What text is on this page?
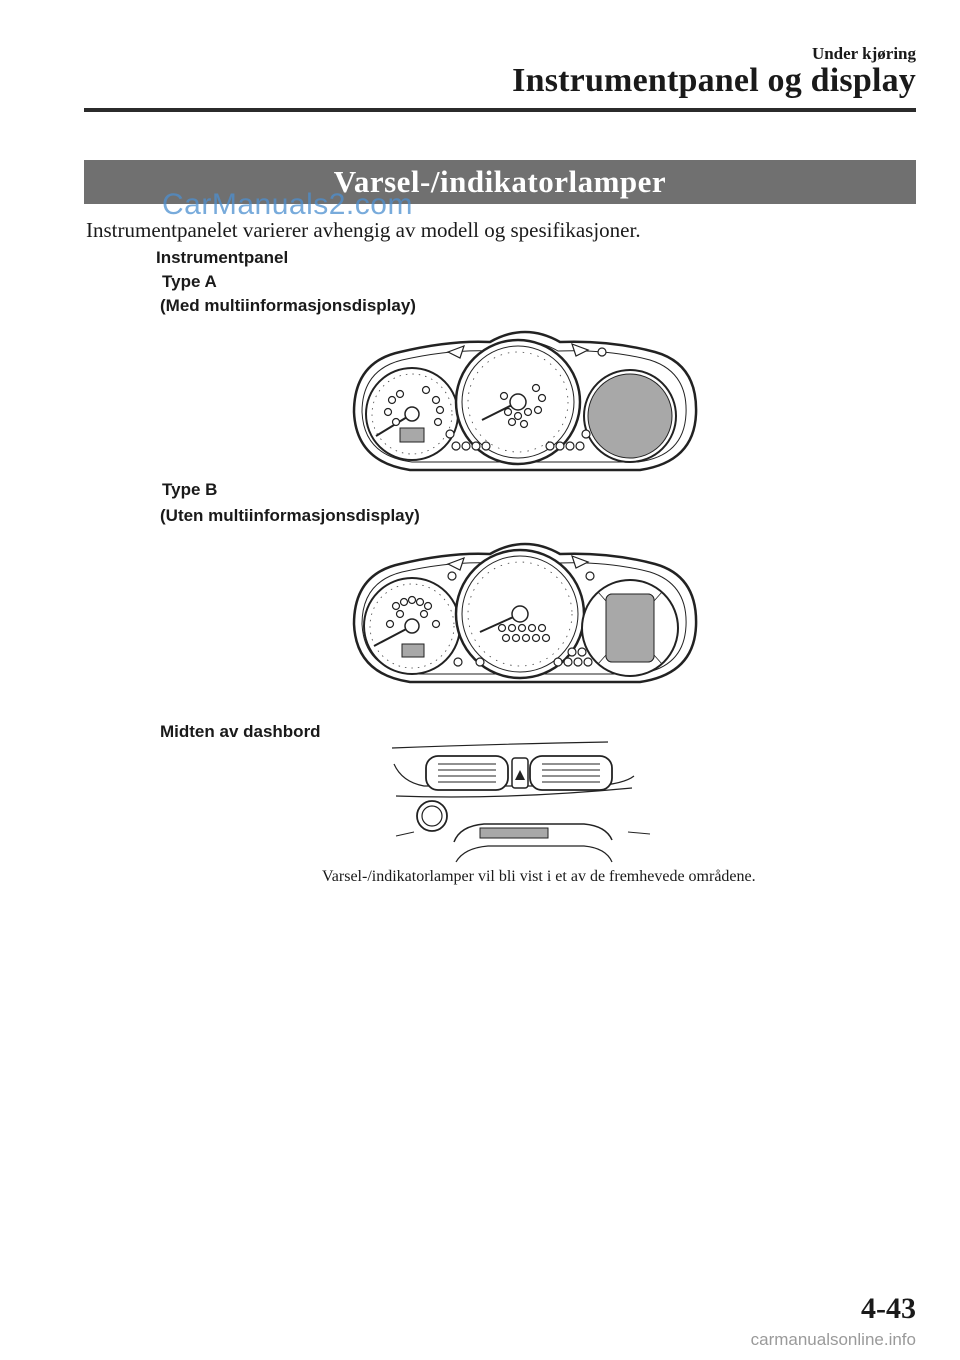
Under kjøring
Instrumentpanel og display
Varsel-/indikatorlamper
CarManuals2.com
Instrumentpanelet varierer avhengig av modell og spesifikasjoner.
Instrumentpanel
Type A
(Med multiinformasjonsdisplay)
Type B
(Uten multiinformasjonsdisplay)
Midten av dashbord
Varsel-/indikatorlamper vil bli vist i et av de fremhevede områdene.
4-43
carmanualsonline.info
